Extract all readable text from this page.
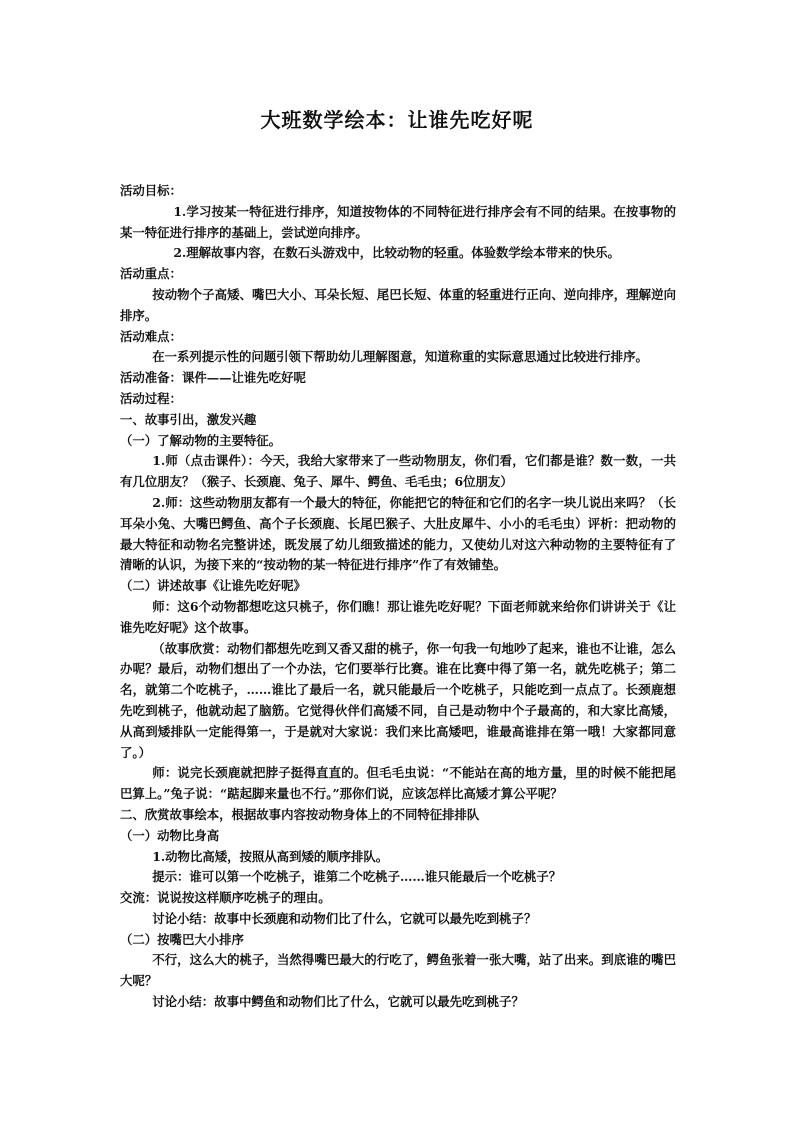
大班数学绘本：让谁先吃好呢

活动目标：

1.学习按某一特征进行排序，知道按物体的不同特征进行排序会有不同的结果。在按事物的某一特征进行排序的基础上，尝试逆向排序。

2.理解故事内容，在数石头游戏中，比较动物的轻重。体验数学绘本带来的快乐。

活动重点：

按动物个子高矮、嘴巴大小、耳朵长短、尾巴长短、体重的轻重进行正向、逆向排序，理解逆向排序。

活动难点：

在一系列提示性的问题引领下帮助幼儿理解图意，知道称重的实际意思通过比较进行排序。

活动准备：课件——让谁先吃好呢

活动过程：

一、故事引出，激发兴趣

（一）了解动物的主要特征。

1.师（点击课件）：今天，我给大家带来了一些动物朋友，你们看，它们都是谁？数一数，一共有几位朋友？（猴子、长颈鹿、兔子、犀牛、鳄鱼、毛毛虫；6位朋友）

2.师：这些动物朋友都有一个最大的特征，你能把它的特征和它们的名字一块儿说出来吗？（长耳朵小兔、大嘴巴鳄鱼、高个子长颈鹿、长尾巴猴子、大肚皮犀牛、小小的毛毛虫）评析：把动物的最大特征和动物名完整讲述，既发展了幼儿细致描述的能力，又使幼儿对这六种动物的主要特征有了清晰的认识，为接下来的“按动物的某一特征进行排序”作了有效铺垫。

（二）讲述故事《让谁先吃好呢》

师：这6个动物都想吃这只桃子，你们瞧！那让谁先吃好呢？下面老师就来给你们讲讲关于《让谁先吃好呢》这个故事。

（故事欣赏：动物们都想先吃到又香又甜的桃子，你一句我一句地吵了起来，谁也不让谁，怎么办呢？最后，动物们想出了一个办法，它们要举行比赛。谁在比赛中得了第一名，就先吃桃子；第二名，就第二个吃桃子，……谁比了最后一名，就只能最后一个吃桃子，只能吃到一点点了。长颈鹿想先吃到桃子，他就动起了脑筋。它觉得伙伴们高矮不同，自己是动物中个子最高的，和大家比高矮，从高到矮排队一定能得第一，于是就对大家说：我们来比高矮吧，谁最高谁排在第一哦！大家都同意了。）

师：说完长颈鹿就把脖子挺得直直的。但毛毛虫说：“不能站在高的地方量，里的时候不能把尾巴算上。”兔子说：“踮起脚来量也不行。”那你们说，应该怎样比高矮才算公平呢？

二、欣赏故事绘本，根据故事内容按动物身体上的不同特征排排队

（一）动物比身高

1.动物比高矮，按照从高到矮的顺序排队。

提示：谁可以第一个吃桃子，谁第二个吃桃子……谁只能最后一个吃桃子？

交流：说说按这样顺序吃桃子的理由。

讨论小结：故事中长颈鹿和动物们比了什么，它就可以最先吃到桃子？

（二）按嘴巴大小排序

不行，这么大的桃子，当然得嘴巴最大的行吃了，鳄鱼张着一张大嘴，站了出来。到底谁的嘴巴大呢？

讨论小结：故事中鳄鱼和动物们比了什么，它就可以最先吃到桃子？
